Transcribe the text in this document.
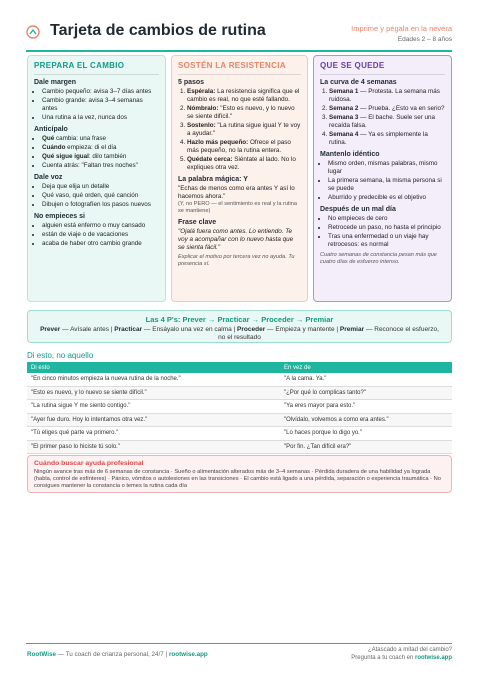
Tarjeta de cambios de rutina	Imprime y pégala en la nevera
Edades 2 – 8 años
PREPARA EL CAMBIO
Dale margen
• Cambio pequeño: avisa 3–7 días antes
• Cambio grande: avisa 3–4 semanas antes
• Una rutina a la vez, nunca dos
Anticípalo
• Qué cambia: una frase
• Cuándo empieza: di el día
• Qué sigue igual: dilo también
• Cuenta atrás: "Faltan tres noches"
Dale voz
• Deja que elija un detalle
• Qué vaso, qué orden, qué canción
• Dibujen o fotografíen los pasos nuevos
No empieces si
• alguien está enfermo o muy cansado
• están de viaje o de vacaciones
• acaba de haber otro cambio grande
SOSTÉN LA RESISTENCIA
5 pasos
1. Espérala: La resistencia significa que el cambio es real, no que esté fallando.
2. Nómbralo: "Esto es nuevo, y lo nuevo se siente difícil."
3. Sostenlo: "La rutina sigue igual Y te voy a ayudar."
4. Hazlo más pequeño: Ofrece el paso más pequeño, no la rutina entera.
5. Quédate cerca: Siéntate al lado. No lo expliques otra vez.
La palabra mágica: Y
"Echas de menos como era antes Y así lo hacemos ahora."
(Y, no PERO — el sentimiento es real y la rutina se mantiene)
Frase clave
"Ojalá fuera como antes. Lo entiendo. Te voy a acompañar con lo nuevo hasta que se sienta fácil."
Explicar el motivo por tercera vez no ayuda. Tu presencia sí.
QUE SE QUEDE
La curva de 4 semanas
1. Semana 1 — Protesta. La semana más ruidosa.
2. Semana 2 — Prueba. ¿Esto va en serio?
3. Semana 3 — El bache. Suele ser una recaída falsa.
4. Semana 4 — Ya es simplemente la rutina.
Mantenlo idéntico
• Mismo orden, mismas palabras, mismo lugar
• La primera semana, la misma persona si se puede
• Aburrido y predecible es el objetivo
Después de un mal día
• No empieces de cero
• Retrocede un paso, no hasta el principio
• Tras una enfermedad o un viaje hay retrocesos: es normal
Cuatro semanas de constancia pesan más que cuatro días de esfuerzo intenso.
Las 4 P's: Prever → Practicar → Proceder → Premiar
Prever — Avísale antes | Practicar — Ensáyalo una vez en calma | Proceder — Empieza y mantente | Premiar — Reconoce el esfuerzo, no el resultado
Di esto, no aquello
Di esto	En vez de
"En cinco minutos empieza la nueva rutina de la noche."	"A la cama. Ya."
"Esto es nuevo, y lo nuevo se siente difícil."	"¿Por qué lo complicas tanto?"
"La rutina sigue Y me siento contigo."	"Ya eres mayor para esto."
"Ayer fue duro. Hoy lo intentamos otra vez."	"Olvídalo, volvemos a como era antes."
"Tú eliges qué parte va primero."	"Lo haces porque lo digo yo."
"El primer paso lo hiciste tú solo."	"Por fin. ¿Tan difícil era?"
Cuándo buscar ayuda profesional
Ningún avance tras más de 6 semanas de constancia · Sueño o alimentación alterados más de 3–4 semanas · Pérdida duradera de una habilidad ya lograda (habla, control de esfínteres) · Pánico, vómitos o autolesiones en las transiciones · El cambio está ligado a una pérdida, separación o experiencia traumática · No consigues mantener la constancia o temes la rutina cada día
RootWise — Tu coach de crianza personal, 24/7 | rootwise.app
¿Atascado a mitad del cambio?
Pregunta a tu coach en rootwise.app
